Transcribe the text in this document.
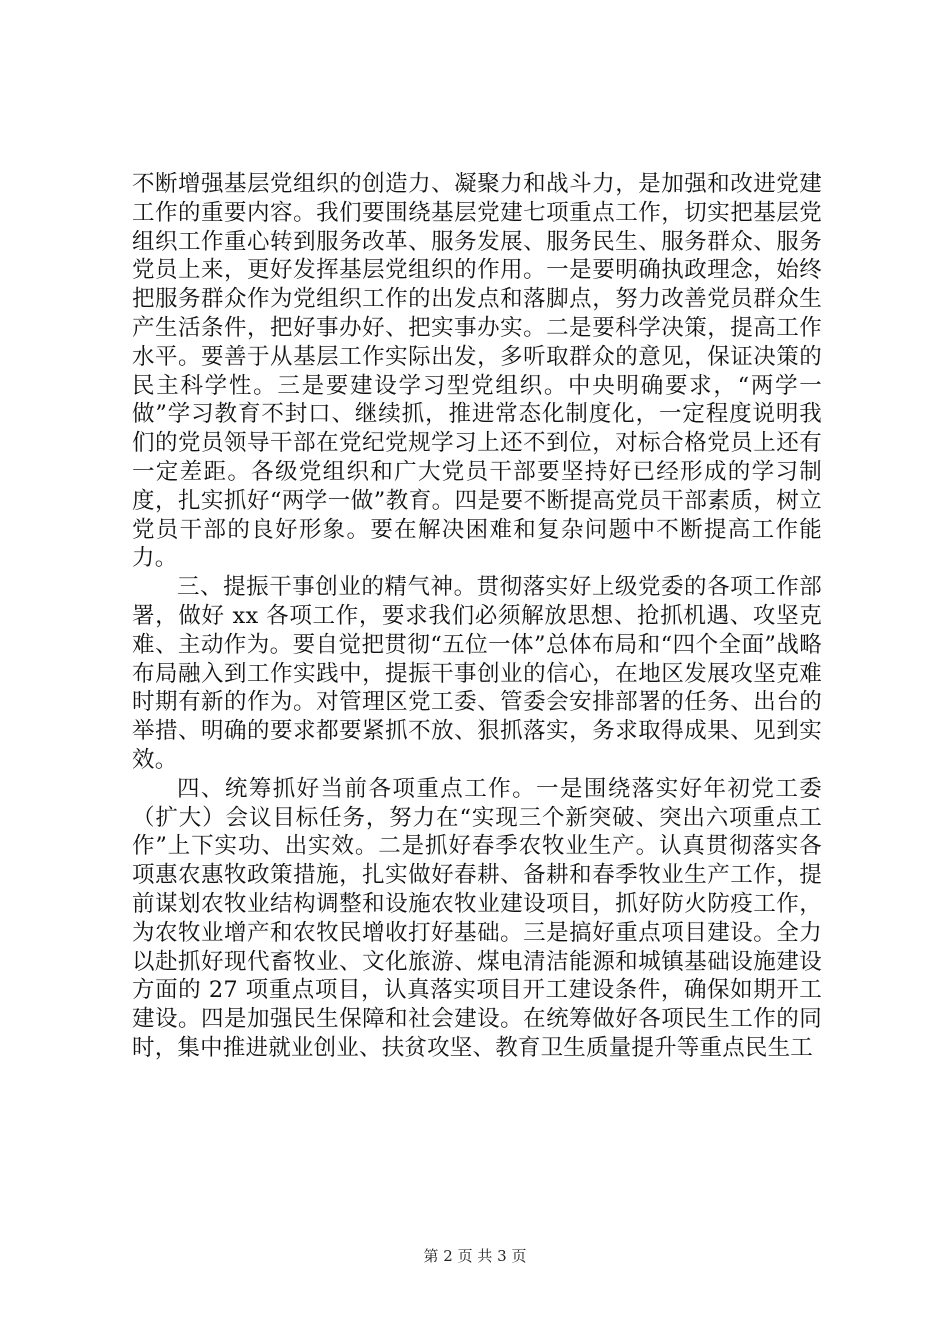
不断增强基层党组织的创造力、凝聚力和战斗力，是加强和改进党建工作的重要内容。我们要围绕基层党建七项重点工作，切实把基层党组织工作重心转到服务改革、服务发展、服务民生、服务群众、服务党员上来，更好发挥基层党组织的作用。一是要明确执政理念，始终把服务群众作为党组织工作的出发点和落脚点，努力改善党员群众生产生活条件，把好事办好、把实事办实。二是要科学决策，提高工作水平。要善于从基层工作实际出发，多听取群众的意见，保证决策的民主科学性。三是要建设学习型党组织。中央明确要求，“两学一做”学习教育不封口、继续抓，推进常态化制度化，一定程度说明我们的党员领导干部在党纪党规学习上还不到位，对标合格党员上还有一定差距。各级党组织和广大党员干部要坚持好已经形成的学习制度，扎实抓好“两学一做”教育。四是要不断提高党员干部素质，树立党员干部的良好形象。要在解决困难和复杂问题中不断提高工作能力。

三、提振干事创业的精气神。贯彻落实好上级党委的各项工作部署，做好 xx 各项工作，要求我们必须解放思想、抢抓机遇、攻坚克难、主动作为。要自觉把贯彻“五位一体”总体布局和“四个全面”战略布局融入到工作实践中，提振干事创业的信心，在地区发展攻坚克难时期有新的作为。对管理区党工委、管委会安排部署的任务、出台的举措、明确的要求都要紧抓不放、狠抓落实，务求取得成果、见到实效。

四、统筹抓好当前各项重点工作。一是围绕落实好年初党工委（扩大）会议目标任务，努力在“实现三个新突破、突出六项重点工作”上下实功、出实效。二是抓好春季农牧业生产。认真贯彻落实各项惠农惠牧政策措施，扎实做好春耕、备耕和春季牧业生产工作，提前谋划农牧业结构调整和设施农牧业建设项目，抓好防火防疫工作，为农牧业增产和农牧民增收打好基础。三是搞好重点项目建设。全力以赴抓好现代畜牧业、文化旅游、煤电清洁能源和城镇基础设施建设方面的 27 项重点项目，认真落实项目开工建设条件，确保如期开工建设。四是加强民生保障和社会建设。在统筹做好各项民生工作的同时，集中推进就业创业、扶贫攻坚、教育卫生质量提升等重点民生工

第 2 页 共 3 页
